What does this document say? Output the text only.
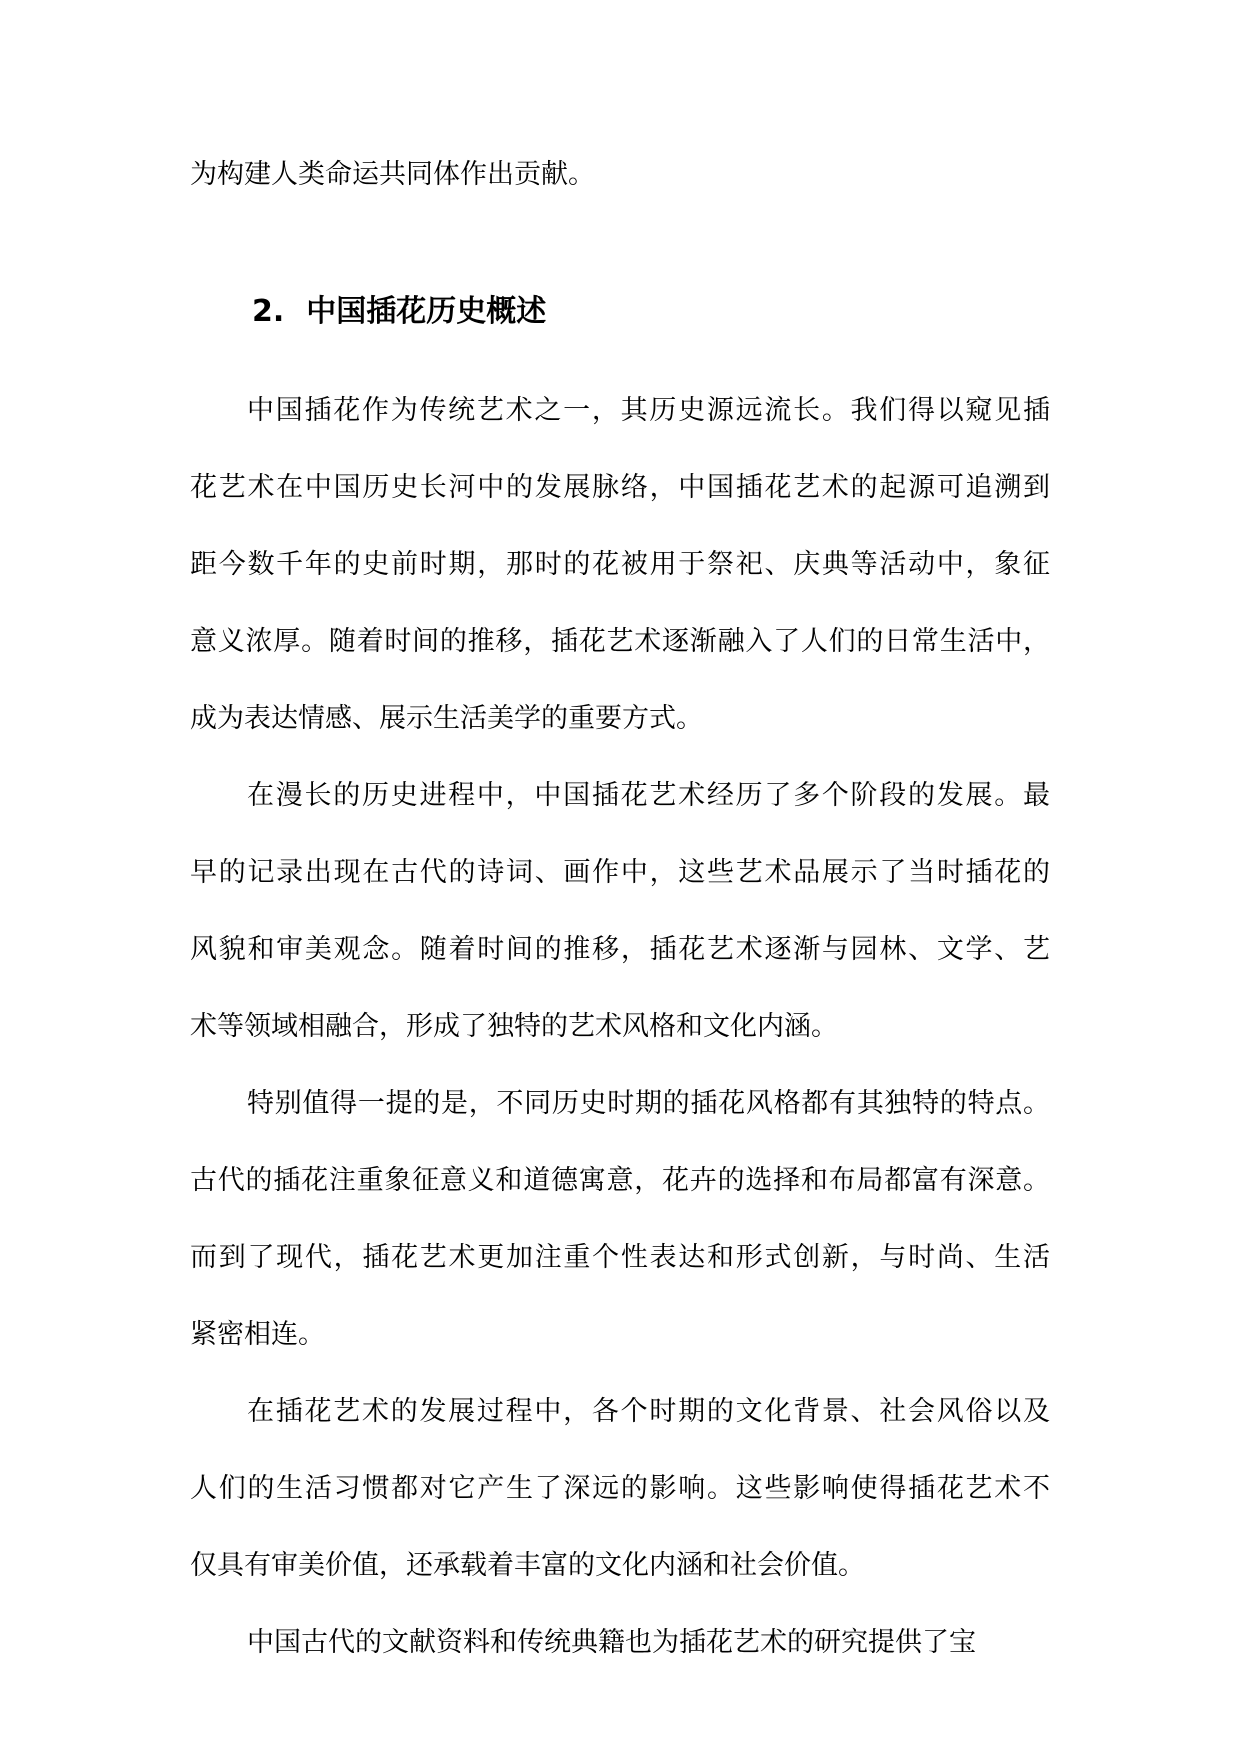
为构建人类命运共同体作出贡献。
2. 中国插花历史概述
中国插花作为传统艺术之一，其历史源远流长。我们得以窥见插
花艺术在中国历史长河中的发展脉络，中国插花艺术的起源可追溯到
距今数千年的史前时期，那时的花被用于祭祀、庆典等活动中，象征
意义浓厚。随着时间的推移，插花艺术逐渐融入了人们的日常生活中，
成为表达情感、展示生活美学的重要方式。
在漫长的历史进程中，中国插花艺术经历了多个阶段的发展。最
早的记录出现在古代的诗词、画作中，这些艺术品展示了当时插花的
风貌和审美观念。随着时间的推移，插花艺术逐渐与园林、文学、艺
术等领域相融合，形成了独特的艺术风格和文化内涵。
特别值得一提的是，不同历史时期的插花风格都有其独特的特点。
古代的插花注重象征意义和道德寓意，花卉的选择和布局都富有深意。
而到了现代，插花艺术更加注重个性表达和形式创新，与时尚、生活
紧密相连。
在插花艺术的发展过程中，各个时期的文化背景、社会风俗以及
人们的生活习惯都对它产生了深远的影响。这些影响使得插花艺术不
仅具有审美价值，还承载着丰富的文化内涵和社会价值。
中国古代的文献资料和传统典籍也为插花艺术的研究提供了宝
